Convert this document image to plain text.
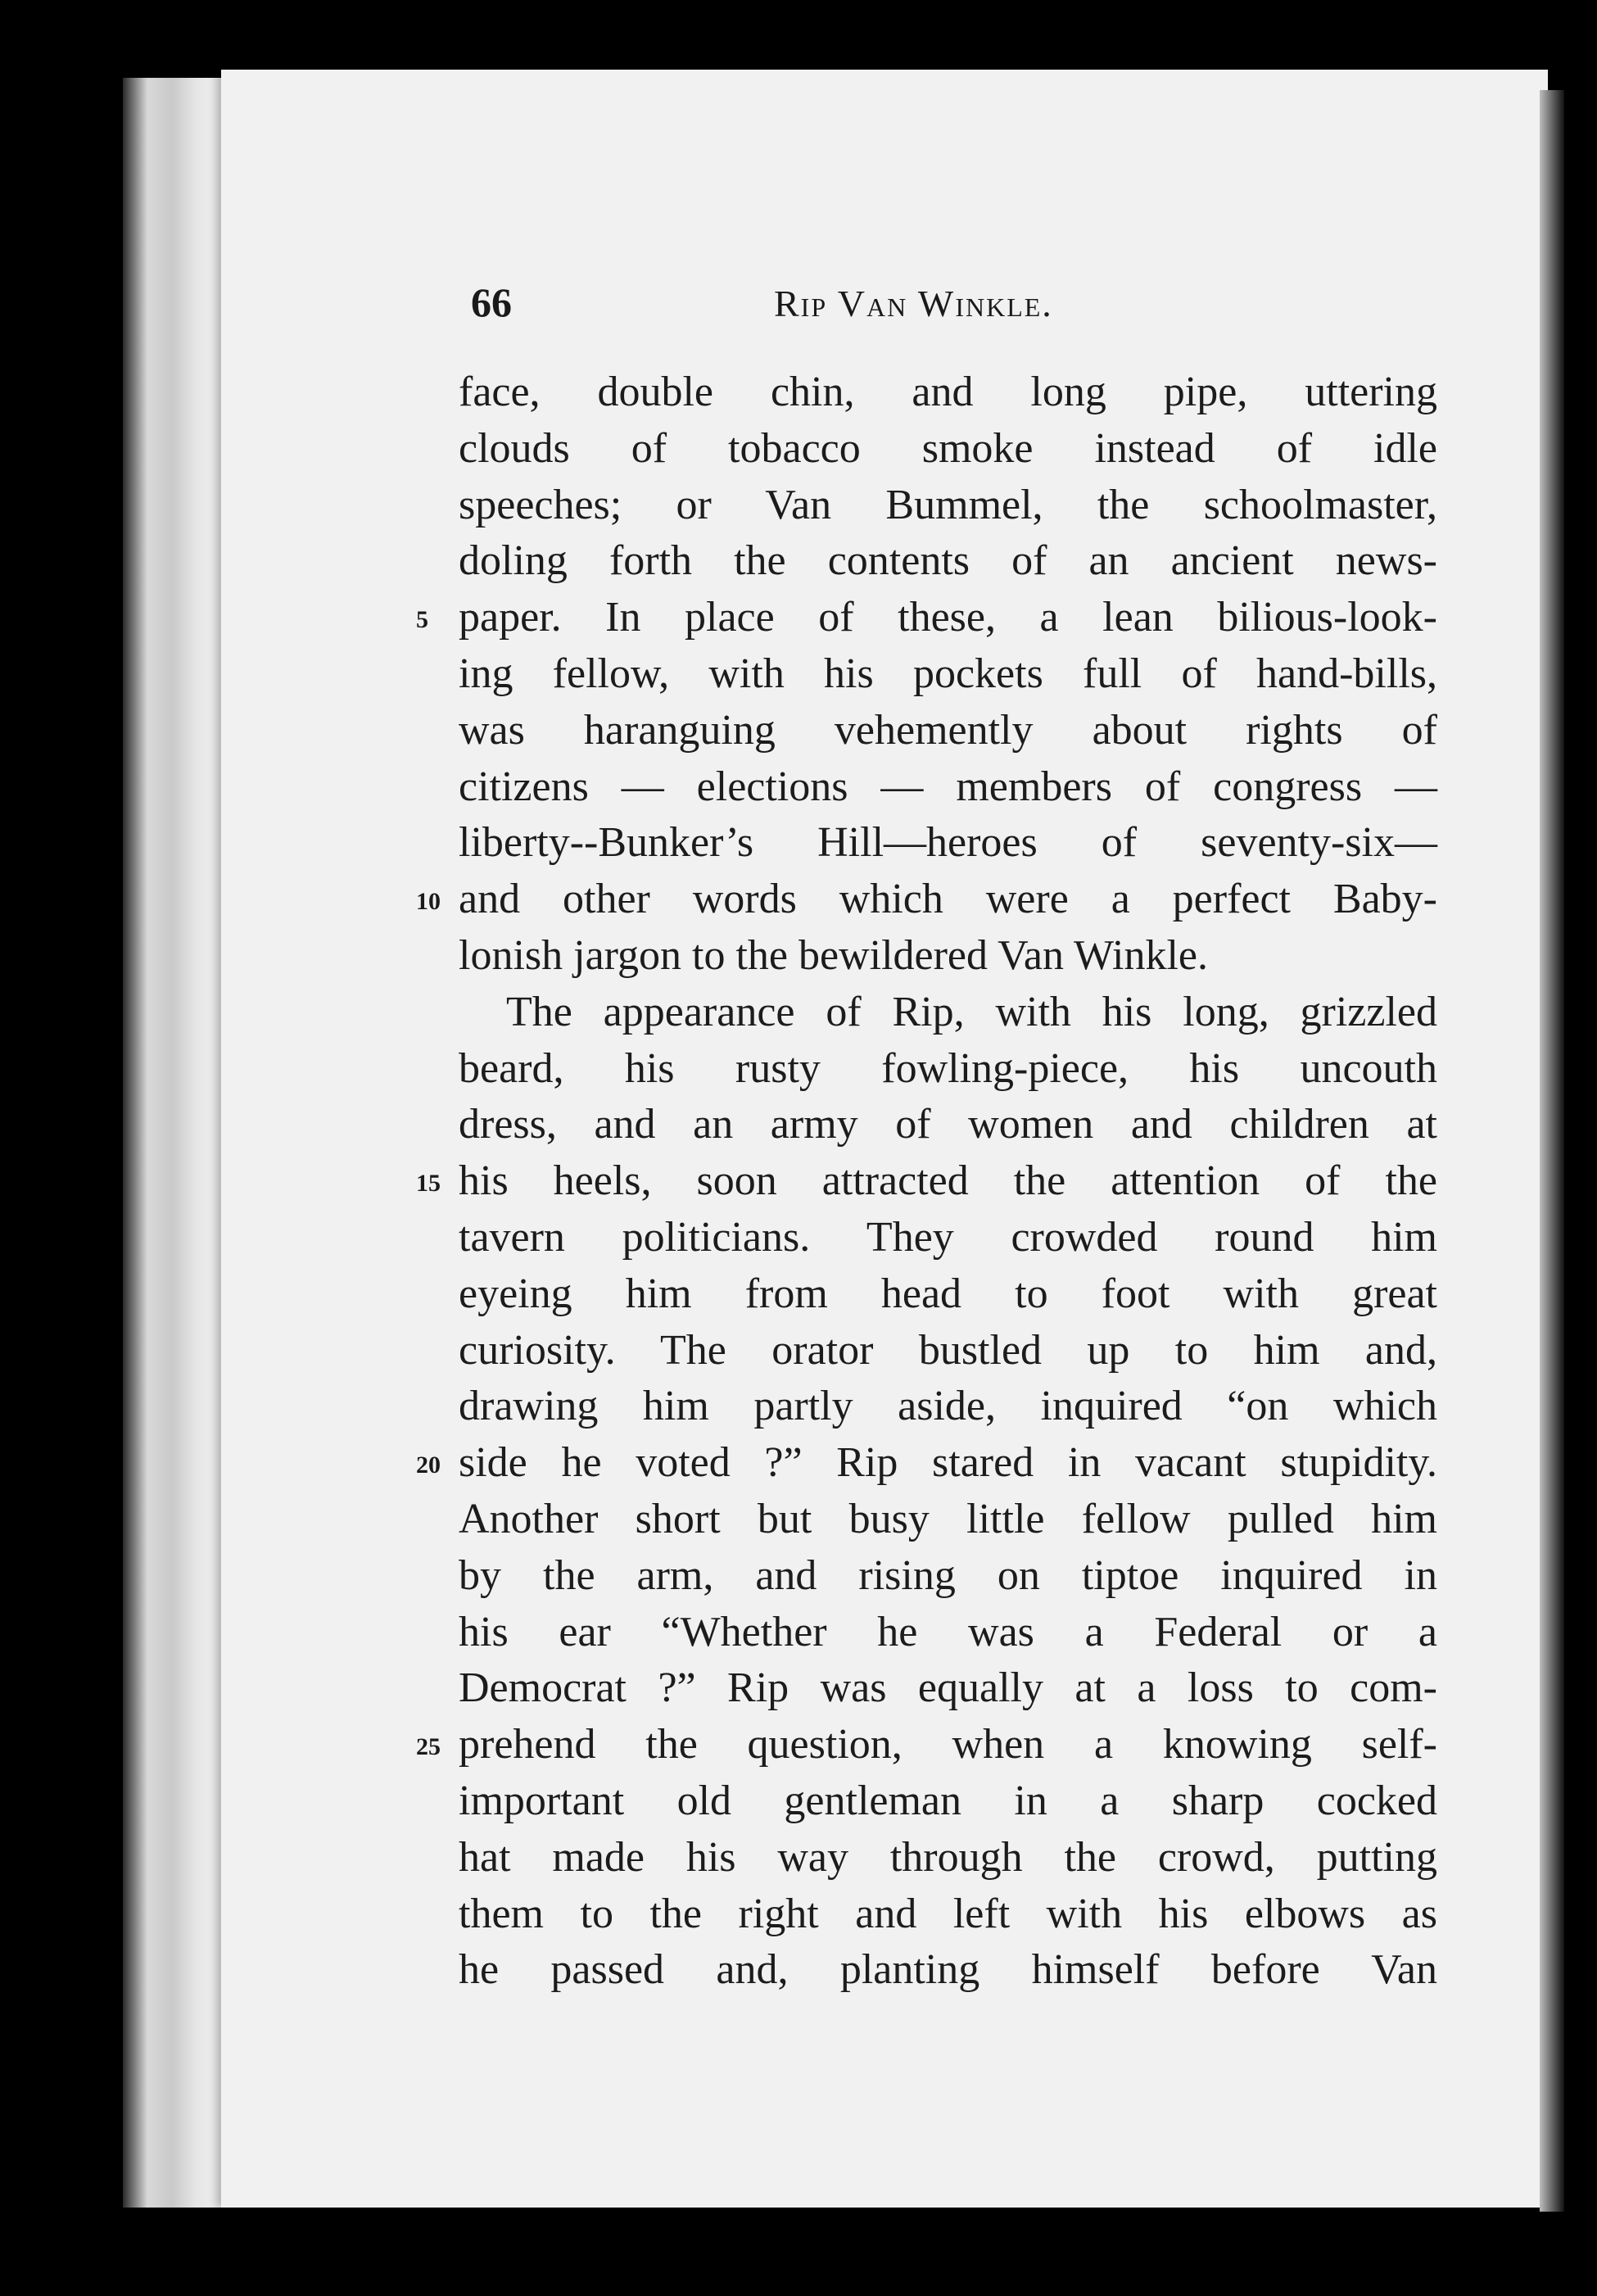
66	Rip Van Winkle.
face, double chin, and long pipe, uttering
clouds of tobacco smoke instead of idle
speeches; or Van Bummel, the schoolmaster,
doling forth the contents of an ancient news-
5 paper. In place of these, a lean bilious-look-
ing fellow, with his pockets full of hand-bills,
was haranguing vehemently about rights of
citizens — elections — members of congress —
liberty--Bunker’s Hill—heroes of seventy-six—
10 and other words which were a perfect Baby-
lonish jargon to the bewildered Van Winkle.
The appearance of Rip, with his long, grizzled
beard, his rusty fowling-piece, his uncouth
dress, and an army of women and children at
15 his heels, soon attracted the attention of the
tavern politicians. They crowded round him
eyeing him from head to foot with great
curiosity. The orator bustled up to him and,
drawing him partly aside, inquired “on which
20 side he voted ?” Rip stared in vacant stupidity.
Another short but busy little fellow pulled him
by the arm, and rising on tiptoe inquired in
his ear “Whether he was a Federal or a
Democrat ?” Rip was equally at a loss to com-
25 prehend the question, when a knowing self-
important old gentleman in a sharp cocked
hat made his way through the crowd, putting
them to the right and left with his elbows as
he passed and, planting himself before Van
